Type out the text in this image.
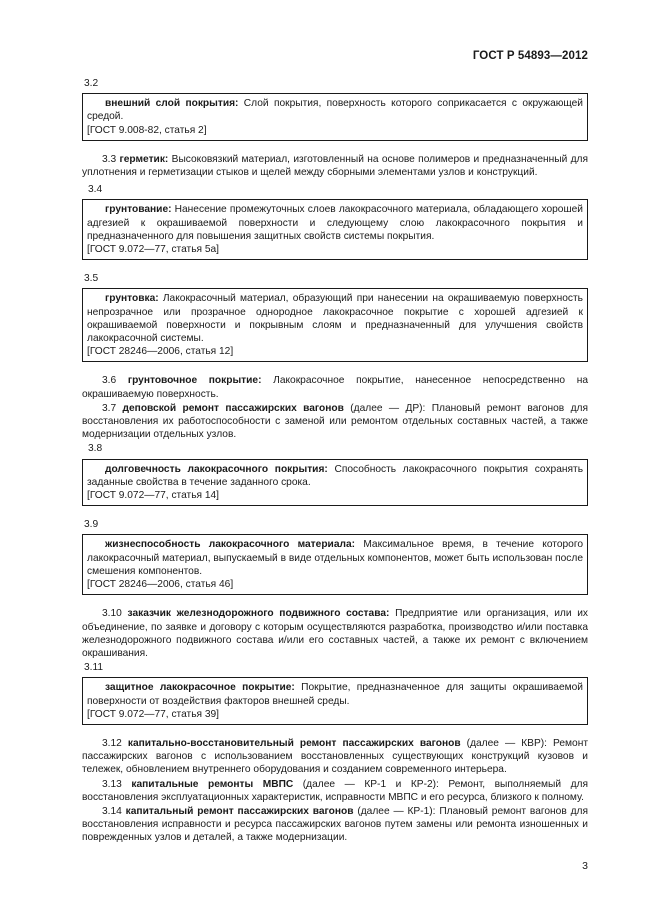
ГОСТ Р 54893—2012
3.2
внешний слой покрытия: Слой покрытия, поверхность которого соприкасается с окружающей средой.
[ГОСТ 9.008-82, статья 2]
3.3 герметик: Высоковязкий материал, изготовленный на основе полимеров и предназначенный для уплотнения и герметизации стыков и щелей между сборными элементами узлов и конструкций.
3.4
грунтование: Нанесение промежуточных слоев лакокрасочного материала, обладающего хорошей адгезией к окрашиваемой поверхности и следующему слою лакокрасочного покрытия и предназначенного для повышения защитных свойств системы покрытия.
[ГОСТ 9.072—77, статья 5а]
3.5
грунтовка: Лакокрасочный материал, образующий при нанесении на окрашиваемую поверхность непрозрачное или прозрачное однородное лакокрасочное покрытие с хорошей адгезией к окрашиваемой поверхности и покрывным слоям и предназначенный для улучшения свойств лакокрасочной системы.
[ГОСТ 28246—2006, статья 12]
3.6 грунтовочное покрытие: Лакокрасочное покрытие, нанесенное непосредственно на окрашиваемую поверхность.
3.7 деповской ремонт пассажирских вагонов (далее — ДР): Плановый ремонт вагонов для восстановления их работоспособности с заменой или ремонтом отдельных составных частей, а также модернизации отдельных узлов.
3.8
долговечность лакокрасочного покрытия: Способность лакокрасочного покрытия сохранять заданные свойства в течение заданного срока.
[ГОСТ 9.072—77, статья 14]
3.9
жизнеспособность лакокрасочного материала: Максимальное время, в течение которого лакокрасочный материал, выпускаемый в виде отдельных компонентов, может быть использован после смешения компонентов.
[ГОСТ 28246—2006, статья 46]
3.10 заказчик железнодорожного подвижного состава: Предприятие или организация, или их объединение, по заявке и договору с которым осуществляются разработка, производство и/или поставка железнодорожного подвижного состава и/или его составных частей, а также их ремонт с включением окрашивания.
3.11
защитное лакокрасочное покрытие: Покрытие, предназначенное для защиты окрашиваемой поверхности от воздействия факторов внешней среды.
[ГОСТ 9.072—77, статья 39]
3.12 капитально-восстановительный ремонт пассажирских вагонов (далее — КВР): Ремонт пассажирских вагонов с использованием восстановленных существующих конструкций кузовов и тележек, обновлением внутреннего оборудования и созданием современного интерьера.
3.13 капитальные ремонты МВПС (далее — КР-1 и КР-2): Ремонт, выполняемый для восстановления эксплуатационных характеристик, исправности МВПС и его ресурса, близкого к полному.
3.14 капитальный ремонт пассажирских вагонов (далее — КР-1): Плановый ремонт вагонов для восстановления исправности и ресурса пассажирских вагонов путем замены или ремонта изношенных и поврежденных узлов и деталей, а также модернизации.
3
